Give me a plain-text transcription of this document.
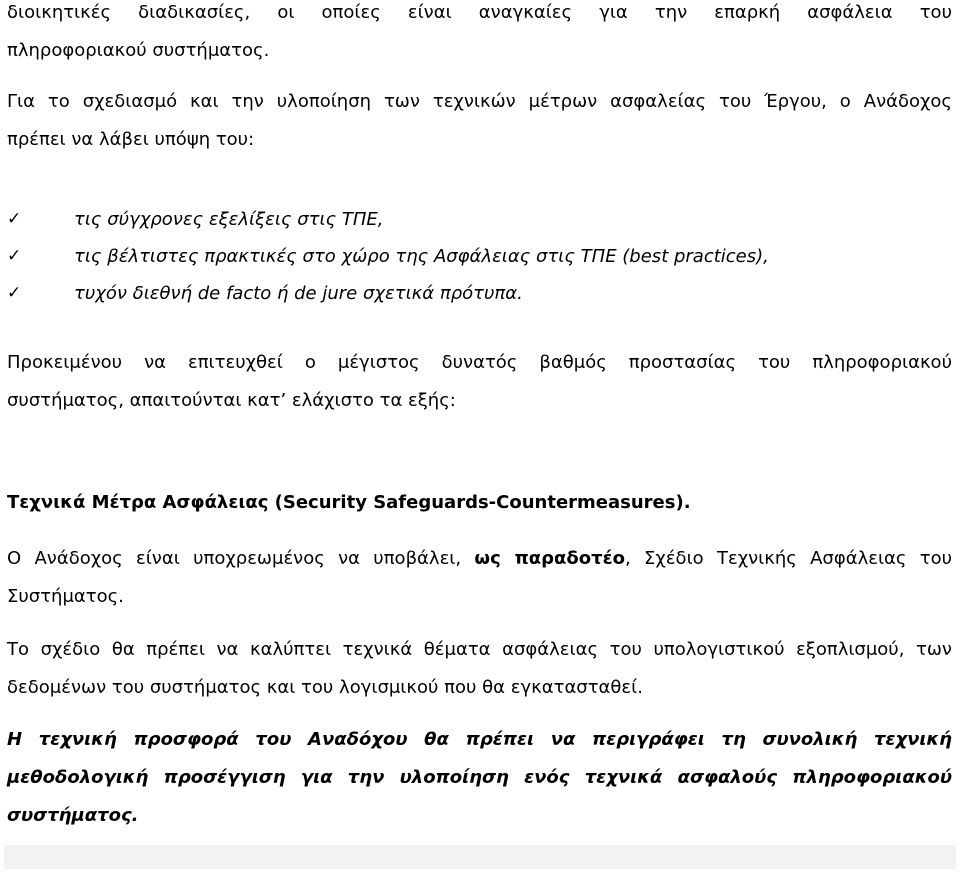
διοικητικές διαδικασίες, οι οποίες είναι αναγκαίες για την επαρκή ασφάλεια του
πληροφοριακού συστήματος.

Για το σχεδιασμό και την υλοποίηση των τεχνικών μέτρων ασφαλείας του Έργου, ο Ανάδοχος
πρέπει να λάβει υπόψη του:

✓	τις σύγχρονες εξελίξεις στις ΤΠΕ,
✓	τις βέλτιστες πρακτικές στο χώρο της Ασφάλειας στις ΤΠΕ (best practices),
✓	τυχόν διεθνή de facto ή de jure σχετικά πρότυπα.

Προκειμένου να επιτευχθεί ο μέγιστος δυνατός βαθμός προστασίας του πληροφοριακού
συστήματος, απαιτούνται κατ’ ελάχιστο τα εξής:

Τεχνικά Μέτρα Ασφάλειας (Security Safeguards-Countermeasures).

Ο Ανάδοχος είναι υποχρεωμένος να υποβάλει, ως παραδοτέο, Σχέδιο Τεχνικής Ασφάλειας του
Συστήματος.

Το σχέδιο θα πρέπει να καλύπτει τεχνικά θέματα ασφάλειας του υπολογιστικού εξοπλισμού, των
δεδομένων του συστήματος και του λογισμικού που θα εγκατασταθεί.

Η τεχνική προσφορά του Αναδόχου θα πρέπει να περιγράφει τη συνολική τεχνική
μεθοδολογική προσέγγιση για την υλοποίηση ενός τεχνικά ασφαλούς πληροφοριακού
συστήματος.
